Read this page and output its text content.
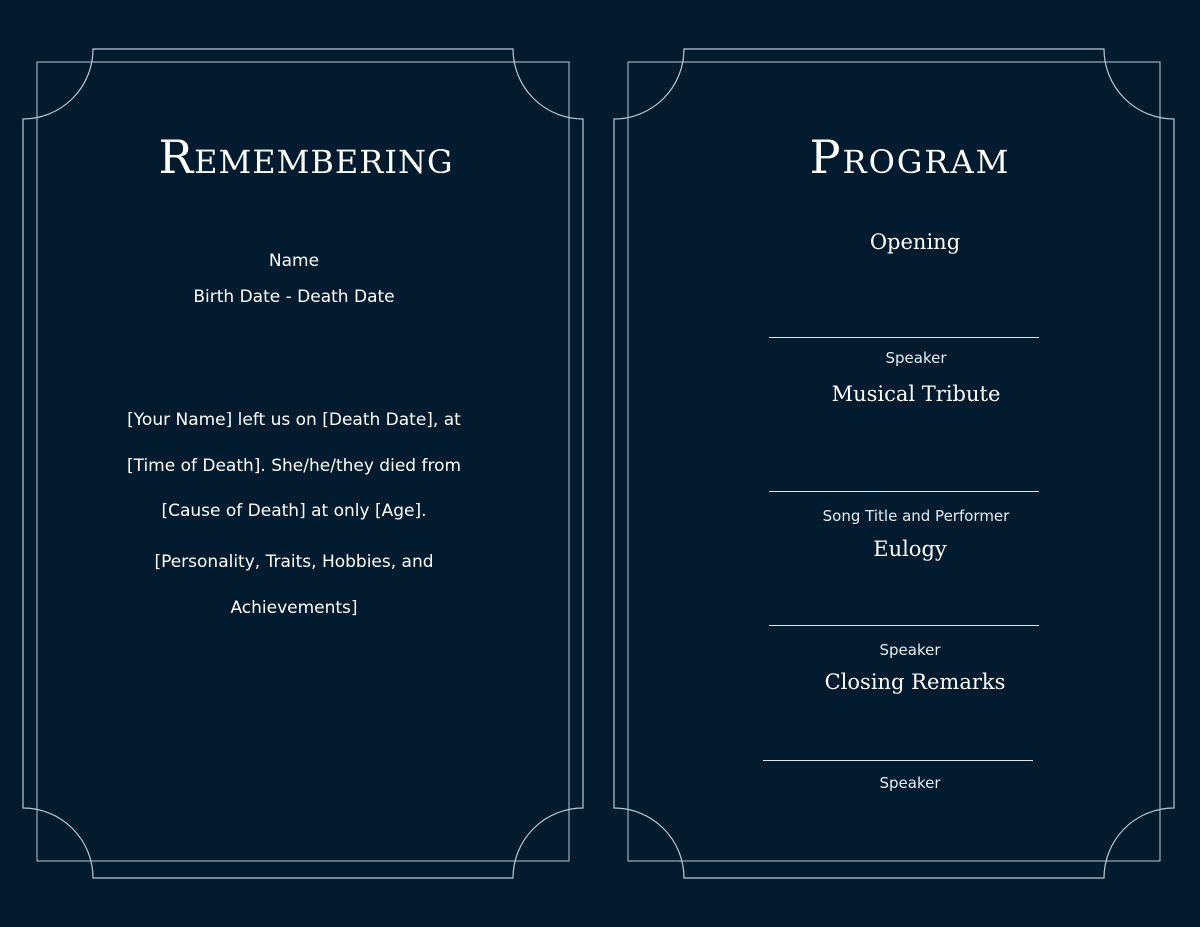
Remembering
Name
Birth Date - Death Date
[Your Name] left us on [Death Date], at
[Time of Death]. She/he/they died from
[Cause of Death] at only [Age].
[Personality, Traits, Hobbies, and
Achievements]
Program
Opening
Speaker
Musical Tribute
Song Title and Performer
Eulogy
Speaker
Closing Remarks
Speaker
